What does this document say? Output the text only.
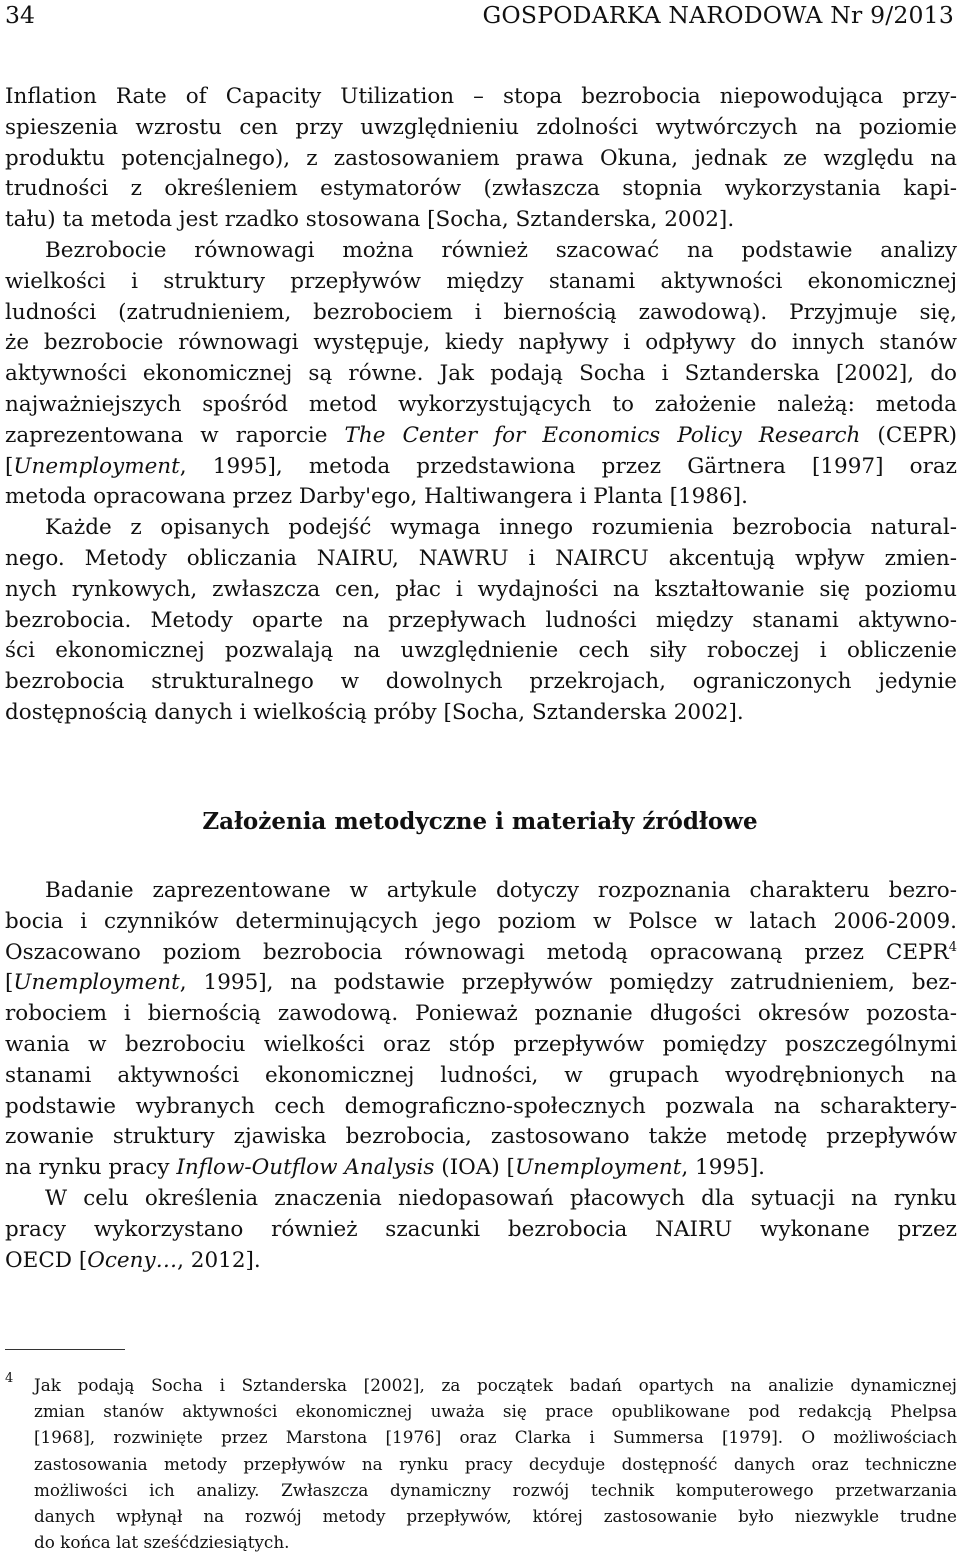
34	GOSPODARKA NARODOWA Nr 9/2013

Inflation Rate of Capacity Utilization – stopa bezrobocia niepowodująca przy-
spieszenia wzrostu cen przy uwzględnieniu zdolności wytwórczych na poziomie
produktu potencjalnego), z zastosowaniem prawa Okuna, jednak ze względu na
trudności z określeniem estymatorów (zwłaszcza stopnia wykorzystania kapi-
tału) ta metoda jest rzadko stosowana [Socha, Sztanderska, 2002].

Bezrobocie równowagi można również szacować na podstawie analizy
wielkości i struktury przepływów między stanami aktywności ekonomicznej
ludności (zatrudnieniem, bezrobociem i biernością zawodową). Przyjmuje się,
że bezrobocie równowagi występuje, kiedy napływy i odpływy do innych stanów
aktywności ekonomicznej są równe. Jak podają Socha i Sztanderska [2002], do
najważniejszych spośród metod wykorzystujących to założenie należą: metoda
zaprezentowana w raporcie The Center for Economics Policy Research (CEPR)
[Unemployment, 1995], metoda przedstawiona przez Gärtnera [1997] oraz
metoda opracowana przez Darby'ego, Haltiwangera i Planta [1986].

Każde z opisanych podejść wymaga innego rozumienia bezrobocia natural-
nego. Metody obliczania NAIRU, NAWRU i NAIRCU akcentują wpływ zmien-
nych rynkowych, zwłaszcza cen, płac i wydajności na kształtowanie się poziomu
bezrobocia. Metody oparte na przepływach ludności między stanami aktywno-
ści ekonomicznej pozwalają na uwzględnienie cech siły roboczej i obliczenie
bezrobocia strukturalnego w dowolnych przekrojach, ograniczonych jedynie
dostępnością danych i wielkością próby [Socha, Sztanderska 2002].

Założenia metodyczne i materiały źródłowe

Badanie zaprezentowane w artykule dotyczy rozpoznania charakteru bezro-
bocia i czynników determinujących jego poziom w Polsce w latach 2006-2009.
Oszacowano poziom bezrobocia równowagi metodą opracowaną przez CEPR$^4$
[Unemployment, 1995], na podstawie przepływów pomiędzy zatrudnieniem, bez-
robociem i biernością zawodową. Ponieważ poznanie długości okresów pozosta-
wania w bezrobociu wielkości oraz stóp przepływów pomiędzy poszczególnymi
stanami aktywności ekonomicznej ludności, w grupach wyodrębnionych na
podstawie wybranych cech demograficzno-społecznych pozwala na scharaktery-
zowanie struktury zjawiska bezrobocia, zastosowano także metodę przepływów
na rynku pracy Inflow-Outflow Analysis (IOA) [Unemployment, 1995].

W celu określenia znaczenia niedopasowań płacowych dla sytuacji na rynku
pracy wykorzystano również szacunki bezrobocia NAIRU wykonane przez
OECD [Oceny…, 2012].

4 Jak podają Socha i Sztanderska [2002], za początek badań opartych na analizie dynamicznej
zmian stanów aktywności ekonomicznej uważa się prace opublikowane pod redakcją Phelpsa
[1968], rozwinięte przez Marstona [1976] oraz Clarka i Summersa [1979]. O możliwościach
zastosowania metody przepływów na rynku pracy decyduje dostępność danych oraz techniczne
możliwości ich analizy. Zwłaszcza dynamiczny rozwój technik komputerowego przetwarzania
danych wpłynął na rozwój metody przepływów, której zastosowanie było niezwykle trudne
do końca lat sześćdziesiątych.
